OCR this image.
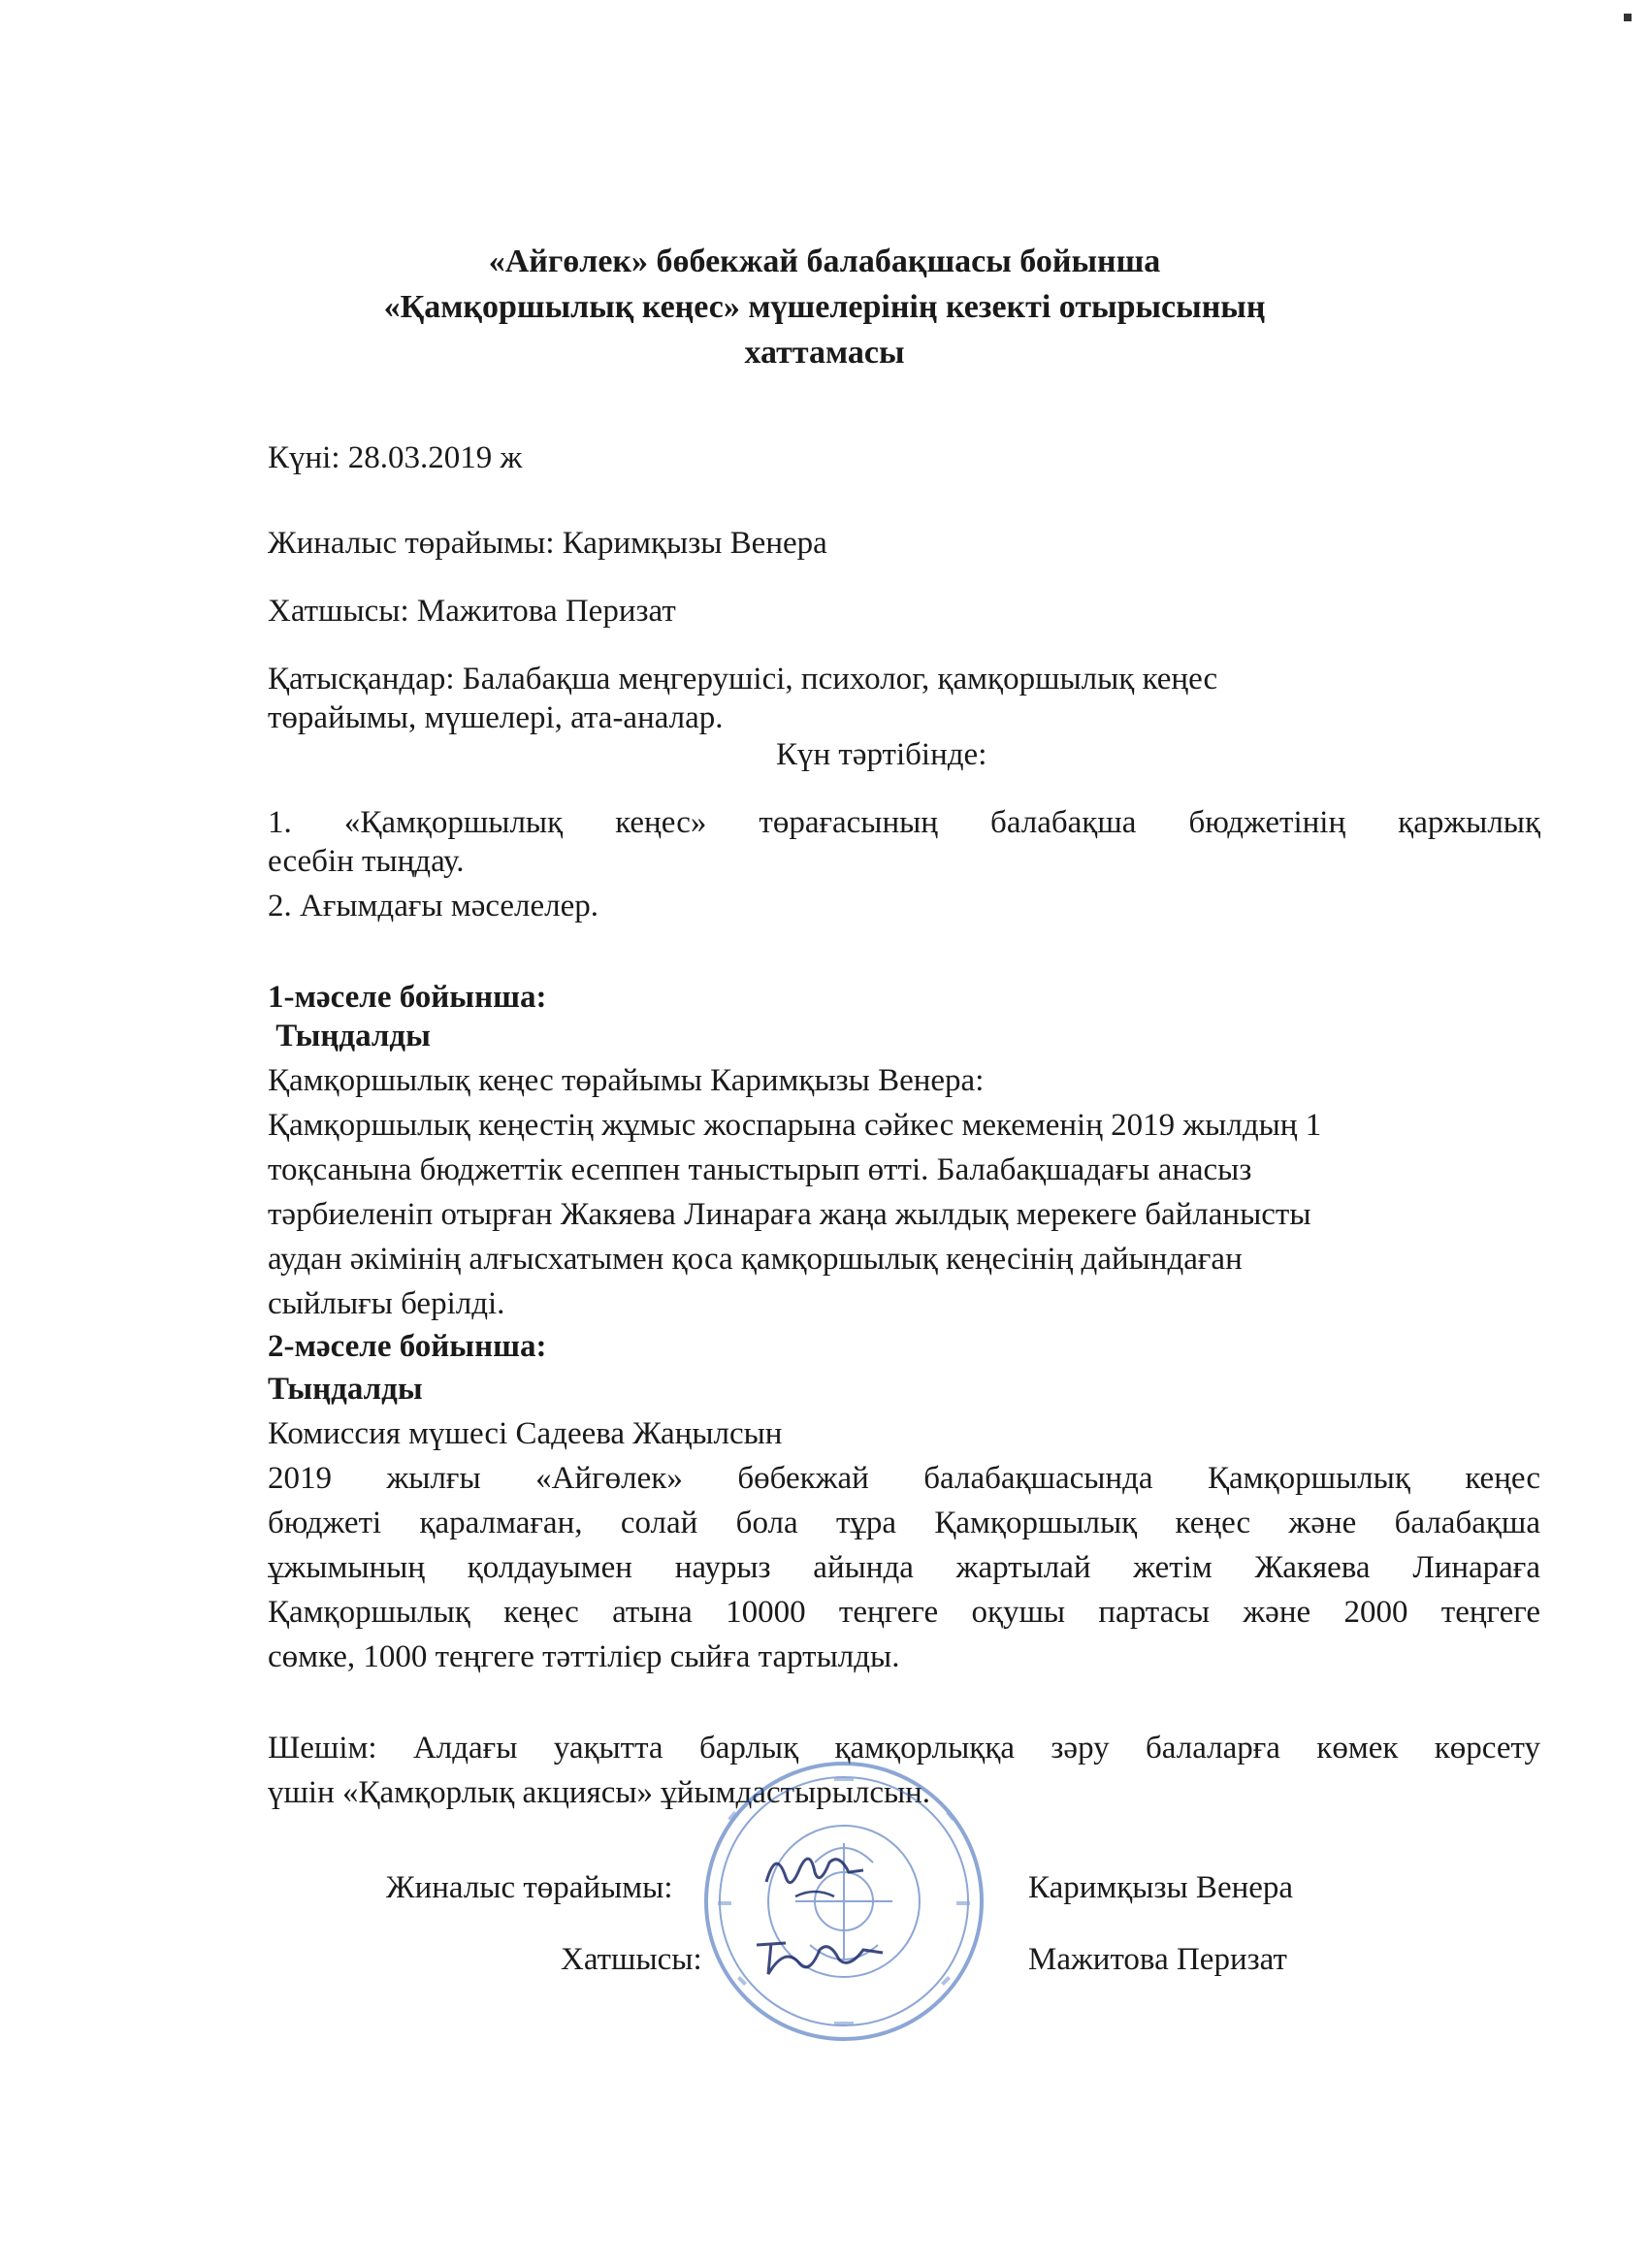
«Айгөлек» бөбекжай балабақшасы бойынша
«Қамқоршылық кеңес» мүшелерінің кезекті отырысының
хаттамасы
Күні: 28.03.2019 ж
Жиналыс төрайымы: Каримқызы Венера
Хатшысы: Мажитова Перизат
Қатысқандар: Балабақша меңгерушісі, психолог, қамқоршылық кеңес
төрайымы, мүшелері, ата-аналар.
Күн тәртібінде:
1. «Қамқоршылық кеңес» төрағасының балабақша бюджетінің қаржылық
есебін тыңдау.
2. Ағымдағы мәселелер.
1-мәселе бойынша:
Тыңдалды
Қамқоршылық кеңес төрайымы Каримқызы Венера:
Қамқоршылық кеңестің жұмыс жоспарына сәйкес мекеменің 2019 жылдың 1
тоқсанына бюджеттік есеппен таныстырып өтті. Балабақшадағы анасыз
тәрбиеленіп отырған Жакяева Линараға жаңа жылдық мерекеге байланысты
аудан әкімінің алғысхатымен қоса қамқоршылық кеңесінің дайындаған
сыйлығы берілді.
2-мәселе бойынша:
Тыңдалды
Комиссия мүшесі Садеева Жаңылсын
2019 жылғы «Айгөлек» бөбекжай балабақшасында Қамқоршылық кеңес
бюджеті қаралмаған, солай бола тұра Қамқоршылық кеңес және балабақша
ұжымының қолдауымен наурыз айында жартылай жетім Жакяева Линараға
Қамқоршылық кеңес атына 10000 теңгеге оқушы партасы және 2000 теңгеге
сөмке, 1000 теңгеге тәттілієр сыйға тартылды.
Шешім: Алдағы уақытта барлық қамқорлыққа зәру балаларға көмек көрсету
үшін «Қамқорлық акциясы» ұйымдастырылсын.
Жиналыс төрайымы:	Каримқызы Венера
Хатшысы:	Мажитова Перизат
